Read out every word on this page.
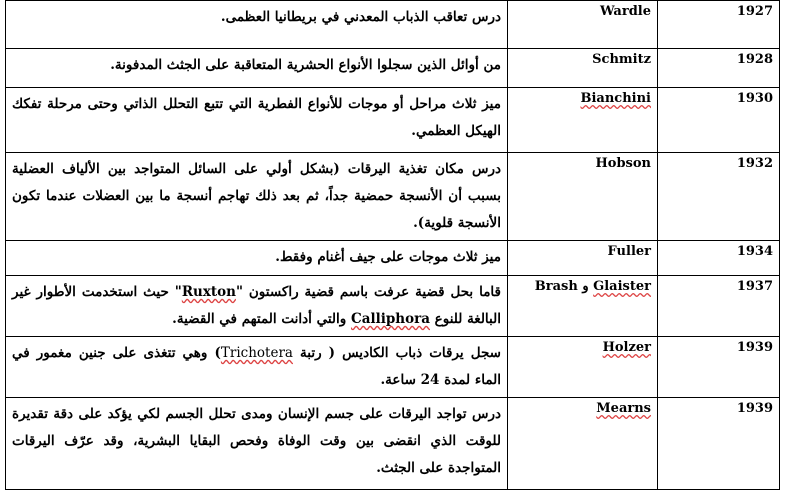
1927	Wardle	درس تعاقب الذباب المعدني في بريطانيا العظمى.
1928	Schmitz	من أوائل الذين سجلوا الأنواع الحشرية المتعاقبة على الجثث المدفونة.
1930	Bianchini	ميز ثلاث مراحل أو موجات للأنواع الفطرية التي تتبع التحلل الذاتي وحتى مرحلة تفكك الهيكل العظمي.
1932	Hobson	درس مكان تغذية اليرقات (بشكل أولي على السائل المتواجد بين الألياف العضلية بسبب أن الأنسجة حمضية جداً، ثم بعد ذلك تهاجم أنسجة ما بين العضلات عندما تكون الأنسجة قلوية).
1934	Fuller	ميز ثلاث موجات على جيف أغنام وفقط.
1937	Glaister و Brash	قاما بحل قضية عرفت باسم قضية راكستون "Ruxton" حيث استخدمت الأطوار غير البالغة للنوع Calliphora والتي أدانت المتهم في القضية.
1939	Holzer	سجل يرقات ذباب الكاديس ( رتبة Trichotera) وهي تتغذى على جنين مغمور في الماء لمدة 24 ساعة.
1939	Mearns	درس تواجد اليرقات على جسم الإنسان ومدى تحلل الجسم لكي يؤكد على دقة تقديرة للوقت الذي انقضى بين وقت الوفاة وفحص البقايا البشرية، وقد عرّف اليرقات المتواجدة على الجثث.
